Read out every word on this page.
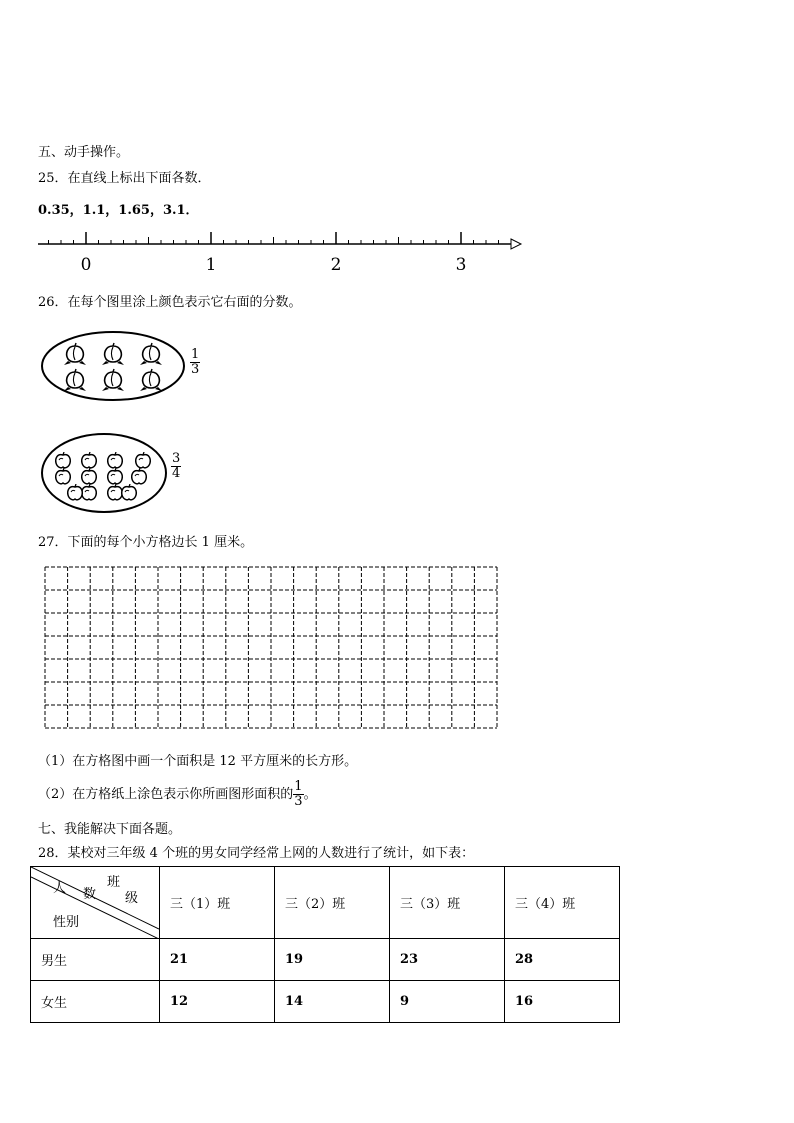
五、动手操作。
25．在直线上标出下面各数．
0.35，1.1，1.65，3.1．
0	1	2	3
26．在每个图里涂上颜色表示它右面的分数。
$\frac{1}{3}$
$\frac{3}{4}$
27．下面的每个小方格边长 1 厘米。
（1）在方格图中画一个面积是 12 平方厘米的长方形。
（2）在方格纸上涂色表示你所画图形面积的 $\frac{1}{3}$ 。
七、我能解决下面各题。
28．某校对三年级 4 个班的男女同学经常上网的人数进行了统计，如下表：
人 数
班
级
性别	三（1）班	三（2）班	三（3）班	三（4）班
男生	21	19	23	28
女生	12	14	9	16
